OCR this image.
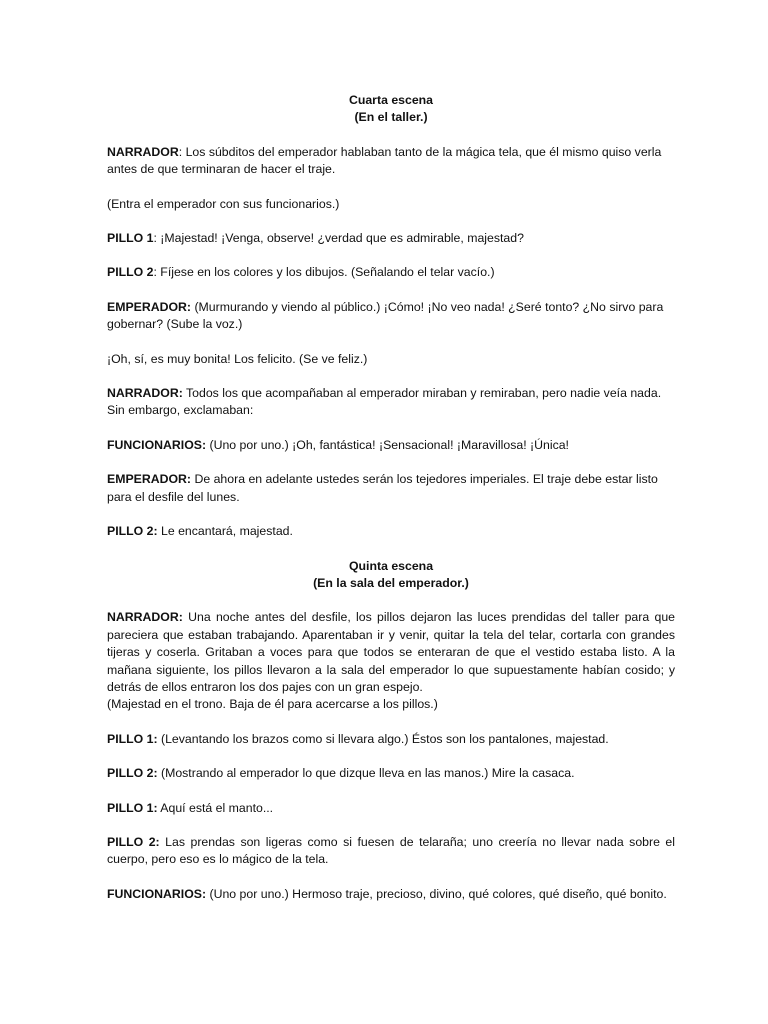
Cuarta escena
(En el taller.)

NARRADOR: Los súbditos del emperador hablaban tanto de la mágica tela, que él mismo quiso verla antes de que terminaran de hacer el traje.

(Entra el emperador con sus funcionarios.)

PILLO 1: ¡Majestad! ¡Venga, observe! ¿verdad que es admirable, majestad?

PILLO 2: Fíjese en los colores y los dibujos. (Señalando el telar vacío.)

EMPERADOR: (Murmurando y viendo al público.) ¡Cómo! ¡No veo nada! ¿Seré tonto? ¿No sirvo para gobernar? (Sube la voz.)

¡Oh, sí, es muy bonita! Los felicito. (Se ve feliz.)

NARRADOR: Todos los que acompañaban al emperador miraban y remiraban, pero nadie veía nada. Sin embargo, exclamaban:

FUNCIONARIOS: (Uno por uno.) ¡Oh, fantástica! ¡Sensacional! ¡Maravillosa! ¡Única!

EMPERADOR: De ahora en adelante ustedes serán los tejedores imperiales. El traje debe estar listo para el desfile del lunes.

PILLO 2: Le encantará, majestad.

Quinta escena
(En la sala del emperador.)

NARRADOR: Una noche antes del desfile, los pillos dejaron las luces prendidas del taller para que pareciera que estaban trabajando. Aparentaban ir y venir, quitar la tela del telar, cortarla con grandes tijeras y coserla. Gritaban a voces para que todos se enteraran de que el vestido estaba listo. A la mañana siguiente, los pillos llevaron a la sala del emperador lo que supuestamente habían cosido; y detrás de ellos entraron los dos pajes con un gran espejo.

(Majestad en el trono. Baja de él para acercarse a los pillos.)

PILLO 1: (Levantando los brazos como si llevara algo.) Éstos son los pantalones, majestad.

PILLO 2: (Mostrando al emperador lo que dizque lleva en las manos.) Mire la casaca.

PILLO 1: Aquí está el manto...

PILLO 2: Las prendas son ligeras como si fuesen de telaraña; uno creería no llevar nada sobre el cuerpo, pero eso es lo mágico de la tela.

FUNCIONARIOS: (Uno por uno.) Hermoso traje, precioso, divino, qué colores, qué diseño, qué bonito.
